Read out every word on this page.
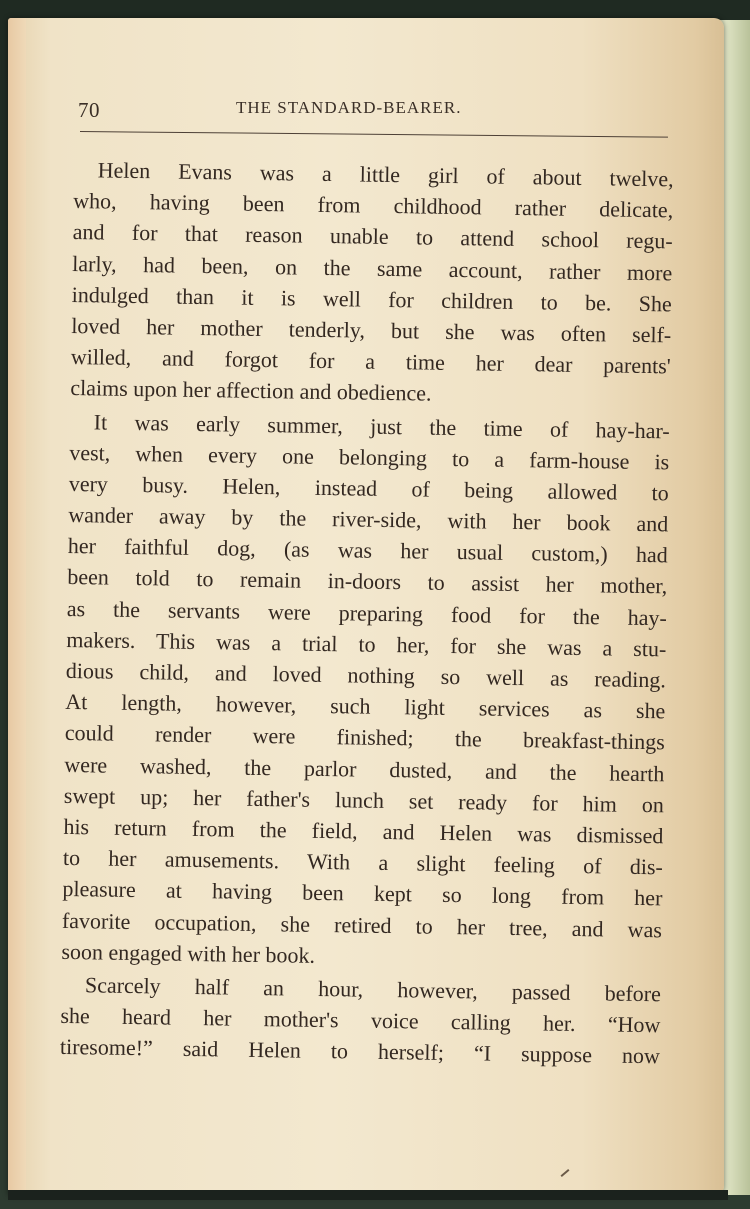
70	THE STANDARD-BEARER.
Helen Evans was a little girl of about twelve,
who, having been from childhood rather delicate,
and for that reason unable to attend school regu-
larly, had been, on the same account, rather more
indulged than it is well for children to be. She
loved her mother tenderly, but she was often self-
willed, and forgot for a time her dear parents'
claims upon her affection and obedience.
It was early summer, just the time of hay-har-
vest, when every one belonging to a farm-house is
very busy. Helen, instead of being allowed to
wander away by the river-side, with her book and
her faithful dog, (as was her usual custom,) had
been told to remain in-doors to assist her mother,
as the servants were preparing food for the hay-
makers. This was a trial to her, for she was a stu-
dious child, and loved nothing so well as reading.
At length, however, such light services as she
could render were finished; the breakfast-things
were washed, the parlor dusted, and the hearth
swept up; her father's lunch set ready for him on
his return from the field, and Helen was dismissed
to her amusements. With a slight feeling of dis-
pleasure at having been kept so long from her
favorite occupation, she retired to her tree, and was
soon engaged with her book.
Scarcely half an hour, however, passed before
she heard her mother's voice calling her. “How
tiresome!” said Helen to herself; “I suppose now
